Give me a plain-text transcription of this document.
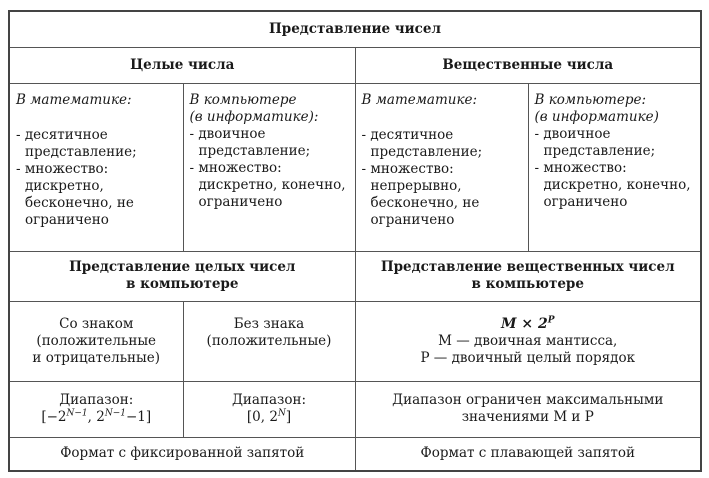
Представление чисел			
Целые числа		Вещественные числа	
В математике:

- десятичное представление;
- множество: дискретно, бесконечно, не ограничено	В компьютере
(в информатике):
- двоичное представление;
- множество: дискретно, конечно, ограничено	В математике:

- десятичное представление;
- множество: непрерывно, бесконечно, не ограничено	В компьютере:
(в информатике)
- двоичное представление;
- множество: дискретно, конечно, ограничено

Представление целых чисел
в компьютере		Представление вещественных чисел
в компьютере	
Со знаком
(положительные
и отрицательные)	Без знака
(положительные)	$M \times 2^P$
M — двоичная мантисса,
P — двоичный целый порядок	
Диапазон:
[$-2^{N-1}$, $2^{N-1}-1$]	Диапазон:
[0, $2^N$]	Диапазон ограничен максимальными
значениями M и P	
Формат с фиксированной запятой		Формат с плавающей запятой	
